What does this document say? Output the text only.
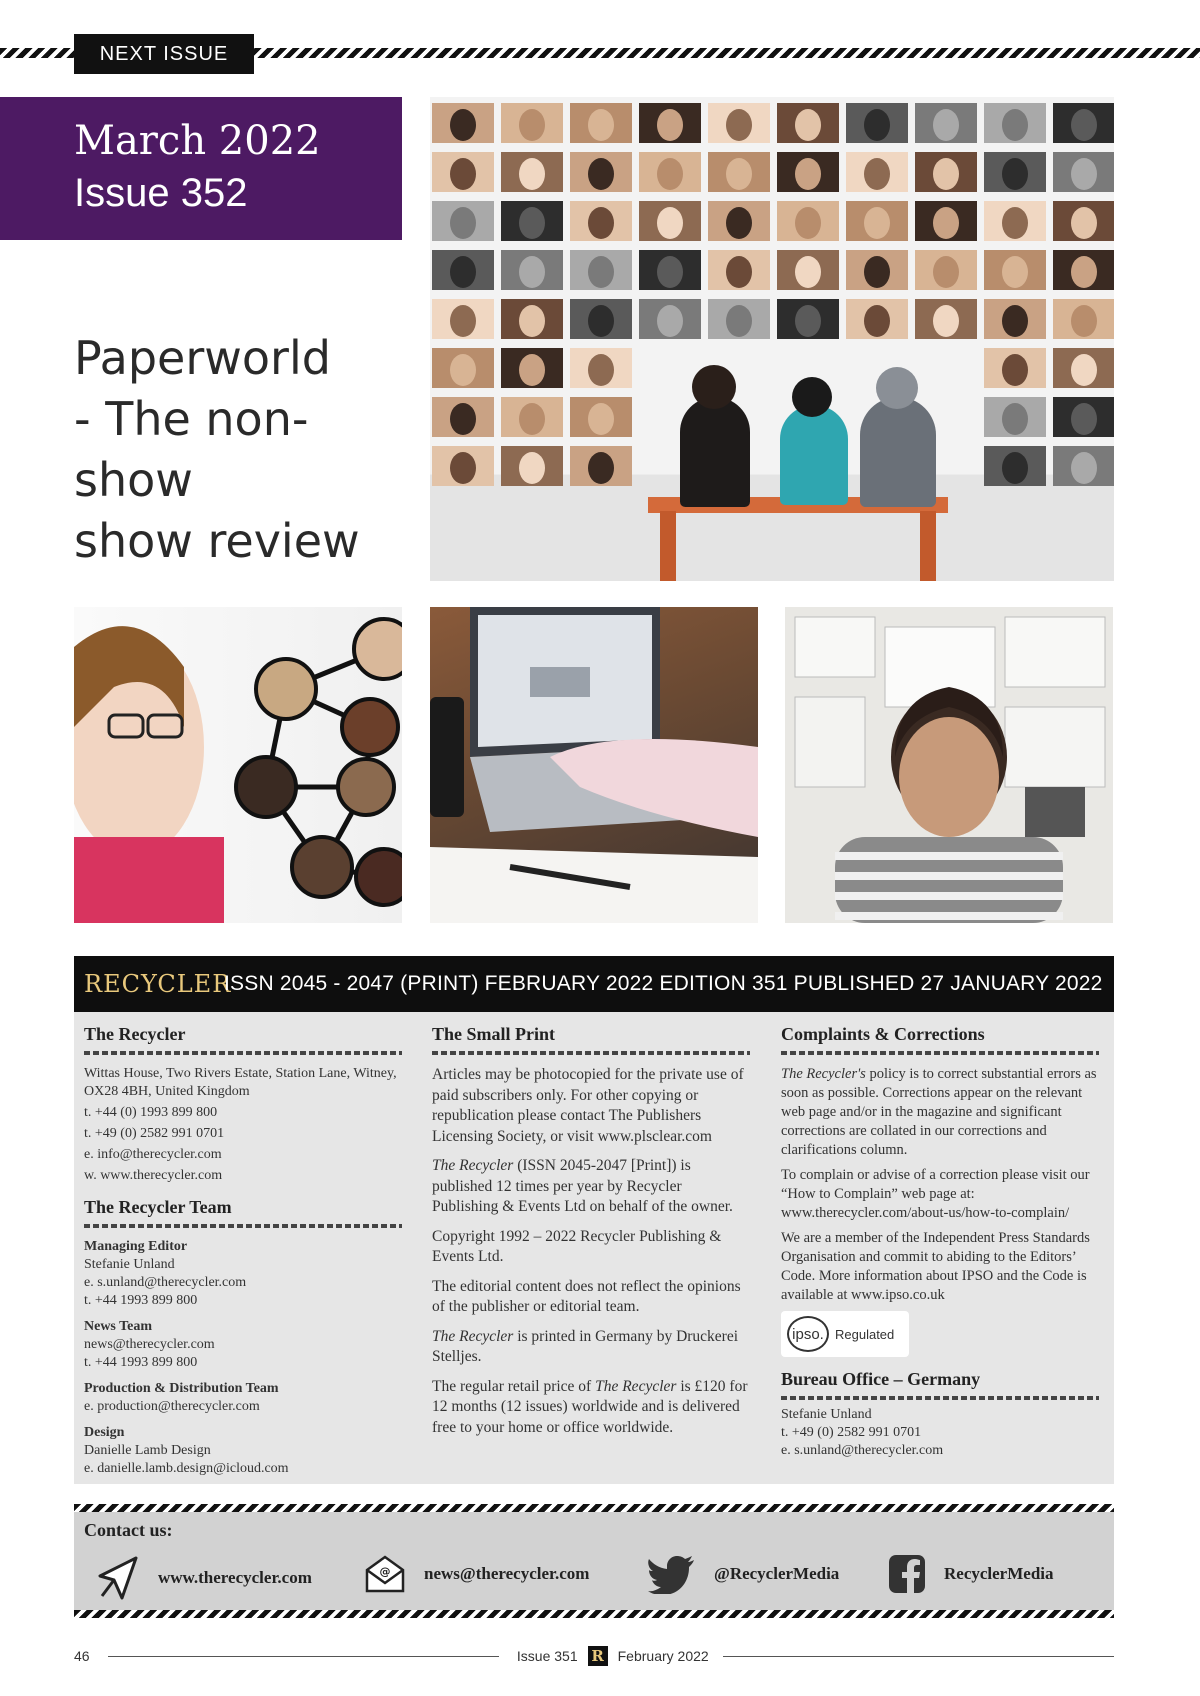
NEXT ISSUE
March 2022
Issue 352
Paperworld
- The non-show
show review
RECYCLER
ISSN 2045 - 2047 (PRINT) FEBRUARY 2022 EDITION 351 PUBLISHED 27 JANUARY 2022
The Recycler
Wittas House, Two Rivers Estate, Station Lane, Witney, OX28 4BH, United Kingdom
t. +44 (0) 1993 899 800
t. +49 (0) 2582 991 0701
e. info@therecycler.com
w. www.therecycler.com
The Recycler Team
Managing Editor
Stefanie Unland
e. s.unland@therecycler.com
t. +44 1993 899 800
News Team
news@therecycler.com
t. +44 1993 899 800
Production & Distribution Team
e. production@therecycler.com
Design
Danielle Lamb Design
e. danielle.lamb.design@icloud.com
The Small Print

Articles may be photocopied for the private use of paid subscribers only. For other copying or republication please contact The Publishers Licensing Society, or visit www.plsclear.com

The Recycler (ISSN 2045-2047 [Print]) is published 12 times per year by Recycler Publishing & Events Ltd on behalf of the owner.

Copyright 1992 – 2022 Recycler Publishing & Events Ltd.

The editorial content does not reflect the opinions of the publisher or editorial team.

The Recycler is printed in Germany by Druckerei Stelljes.

The regular retail price of The Recycler is £120 for 12 months (12 issues) worldwide and is delivered free to your home or office worldwide.

Complaints & Corrections

The Recycler's policy is to correct substantial errors as soon as possible. Corrections appear on the relevant web page and/or in the magazine and significant corrections are collated in our corrections and clarifications column.

To complain or advise of a correction please visit our “How to Complain” web page at: www.therecycler.com/about-us/how-to-complain/

We are a member of the Independent Press Standards Organisation and commit to abiding to the Editors’ Code. More information about IPSO and the Code is available at www.ipso.co.uk

ipso. Regulated
Bureau Office – Germany
Stefanie Unland
t. +49 (0) 2582 991 0701
e. s.unland@therecycler.com
Contact us:
www.therecycler.com	@ news@therecycler.com	@RecyclerMedia	RecyclerMedia
46	Issue 351 R February 2022
